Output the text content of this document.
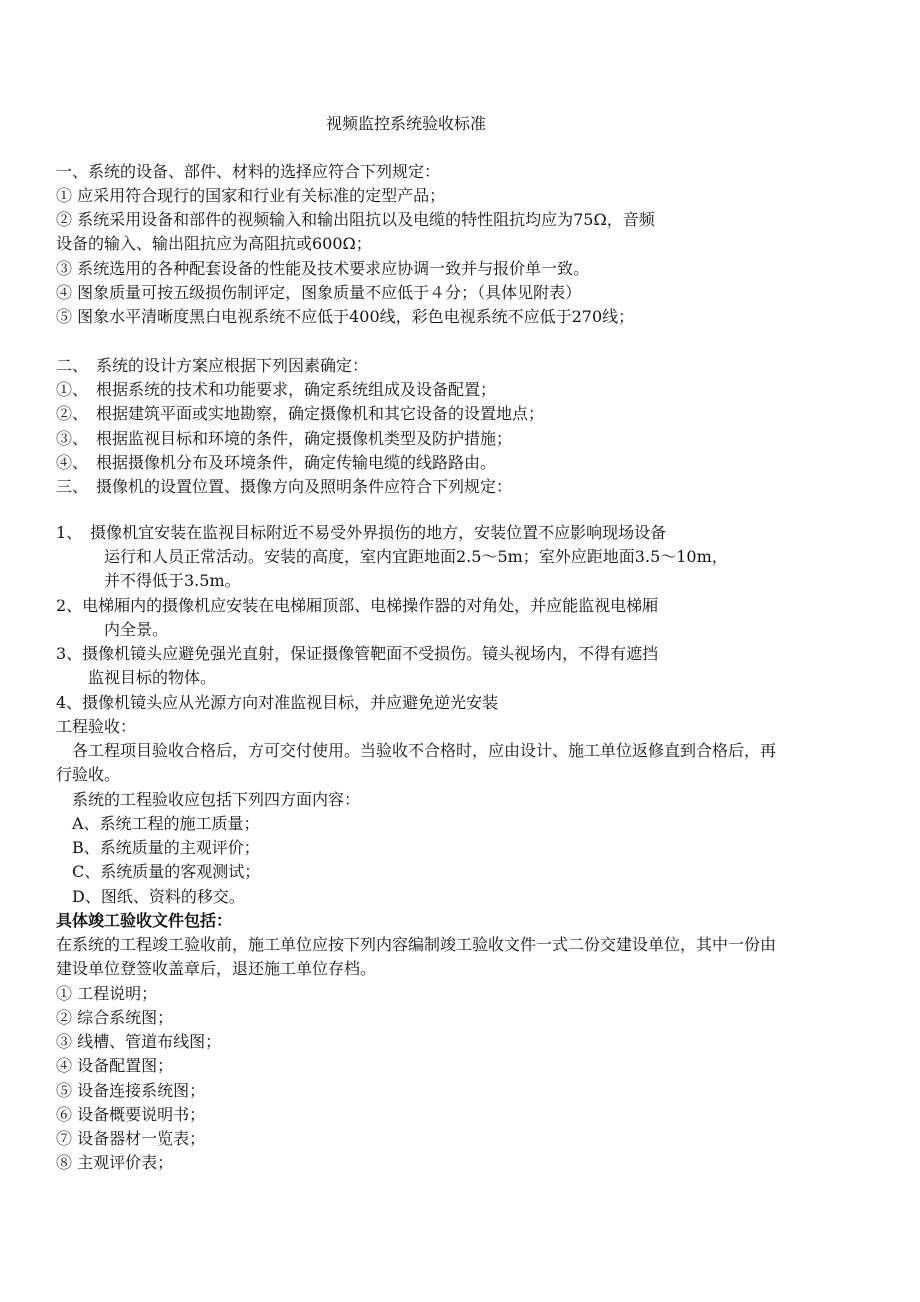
视频监控系统验收标准
一、系统的设备、部件、材料的选择应符合下列规定：
① 应采用符合现行的国家和行业有关标准的定型产品；
② 系统采用设备和部件的视频输入和输出阻抗以及电缆的特性阻抗均应为75Ω，音频
设备的输入、输出阻抗应为高阻抗或600Ω；
③ 系统选用的各种配套设备的性能及技术要求应协调一致并与报价单一致。
④ 图象质量可按五级损伤制评定，图象质量不应低于４分；（具体见附表）
⑤ 图象水平清晰度黑白电视系统不应低于400线，彩色电视系统不应低于270线；
二、　系统的设计方案应根据下列因素确定：
①、　根据系统的技术和功能要求，确定系统组成及设备配置；
②、　根据建筑平面或实地勘察，确定摄像机和其它设备的设置地点；
③、　根据监视目标和环境的条件，确定摄像机类型及防护措施；
④、　根据摄像机分布及环境条件，确定传输电缆的线路路由。
三、　摄像机的设置位置、摄像方向及照明条件应符合下列规定：
1、　摄像机宜安装在监视目标附近不易受外界损伤的地方，安装位置不应影响现场设备
运行和人员正常活动。安装的高度，室内宜距地面2.5～5m；室外应距地面3.5～10m，
并不得低于3.5m。
2、电梯厢内的摄像机应安装在电梯厢顶部、电梯操作器的对角处，并应能监视电梯厢
内全景。
3、摄像机镜头应避免强光直射，保证摄像管靶面不受损伤。镜头视场内，不得有遮挡
监视目标的物体。
4、摄像机镜头应从光源方向对准监视目标，并应避免逆光安装
工程验收：
各工程项目验收合格后，方可交付使用。当验收不合格时，应由设计、施工单位返修直到合格后，再
行验收。
系统的工程验收应包括下列四方面内容：
A、系统工程的施工质量；
B、系统质量的主观评价；
C、系统质量的客观测试；
D、图纸、资料的移交。
具体竣工验收文件包括：
在系统的工程竣工验收前，施工单位应按下列内容编制竣工验收文件一式二份交建设单位，其中一份由
建设单位登签收盖章后，退还施工单位存档。
① 工程说明；
② 综合系统图；
③ 线槽、管道布线图；
④ 设备配置图；
⑤ 设备连接系统图；
⑥ 设备概要说明书；
⑦ 设备器材一览表；
⑧ 主观评价表；
